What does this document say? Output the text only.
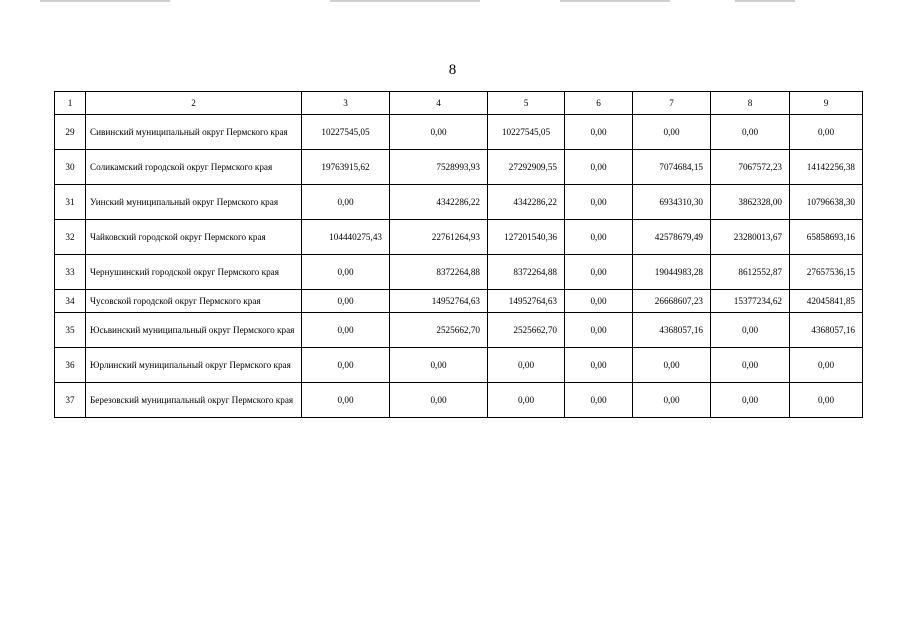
8
1	2	3	4	5	6	7	8	9
29	Сивинский муниципальный округ Пермского края	10227545,05	0,00	10227545,05	0,00	0,00	0,00	0,00
30	Соликамский городской округ Пермского края	19763915,62	7528993,93	27292909,55	0,00	7074684,15	7067572,23	14142256,38
31	Уинский муниципальный округ Пермского края	0,00	4342286,22	4342286,22	0,00	6934310,30	3862328,00	10796638,30
32	Чайковский городской округ Пермского края	104440275,43	22761264,93	127201540,36	0,00	42578679,49	23280013,67	65858693,16
33	Чернушинский городской округ Пермского края	0,00	8372264,88	8372264,88	0,00	19044983,28	8612552,87	27657536,15
34	Чусовской городской округ Пермского края	0,00	14952764,63	14952764,63	0,00	26668607,23	15377234,62	42045841,85
35	Юсьвинский муниципальный округ Пермского края	0,00	2525662,70	2525662,70	0,00	4368057,16	0,00	4368057,16
36	Юрлинский муниципальный округ Пермского края	0,00	0,00	0,00	0,00	0,00	0,00	0,00
37	Березовский муниципальный округ Пермского края	0,00	0,00	0,00	0,00	0,00	0,00	0,00
